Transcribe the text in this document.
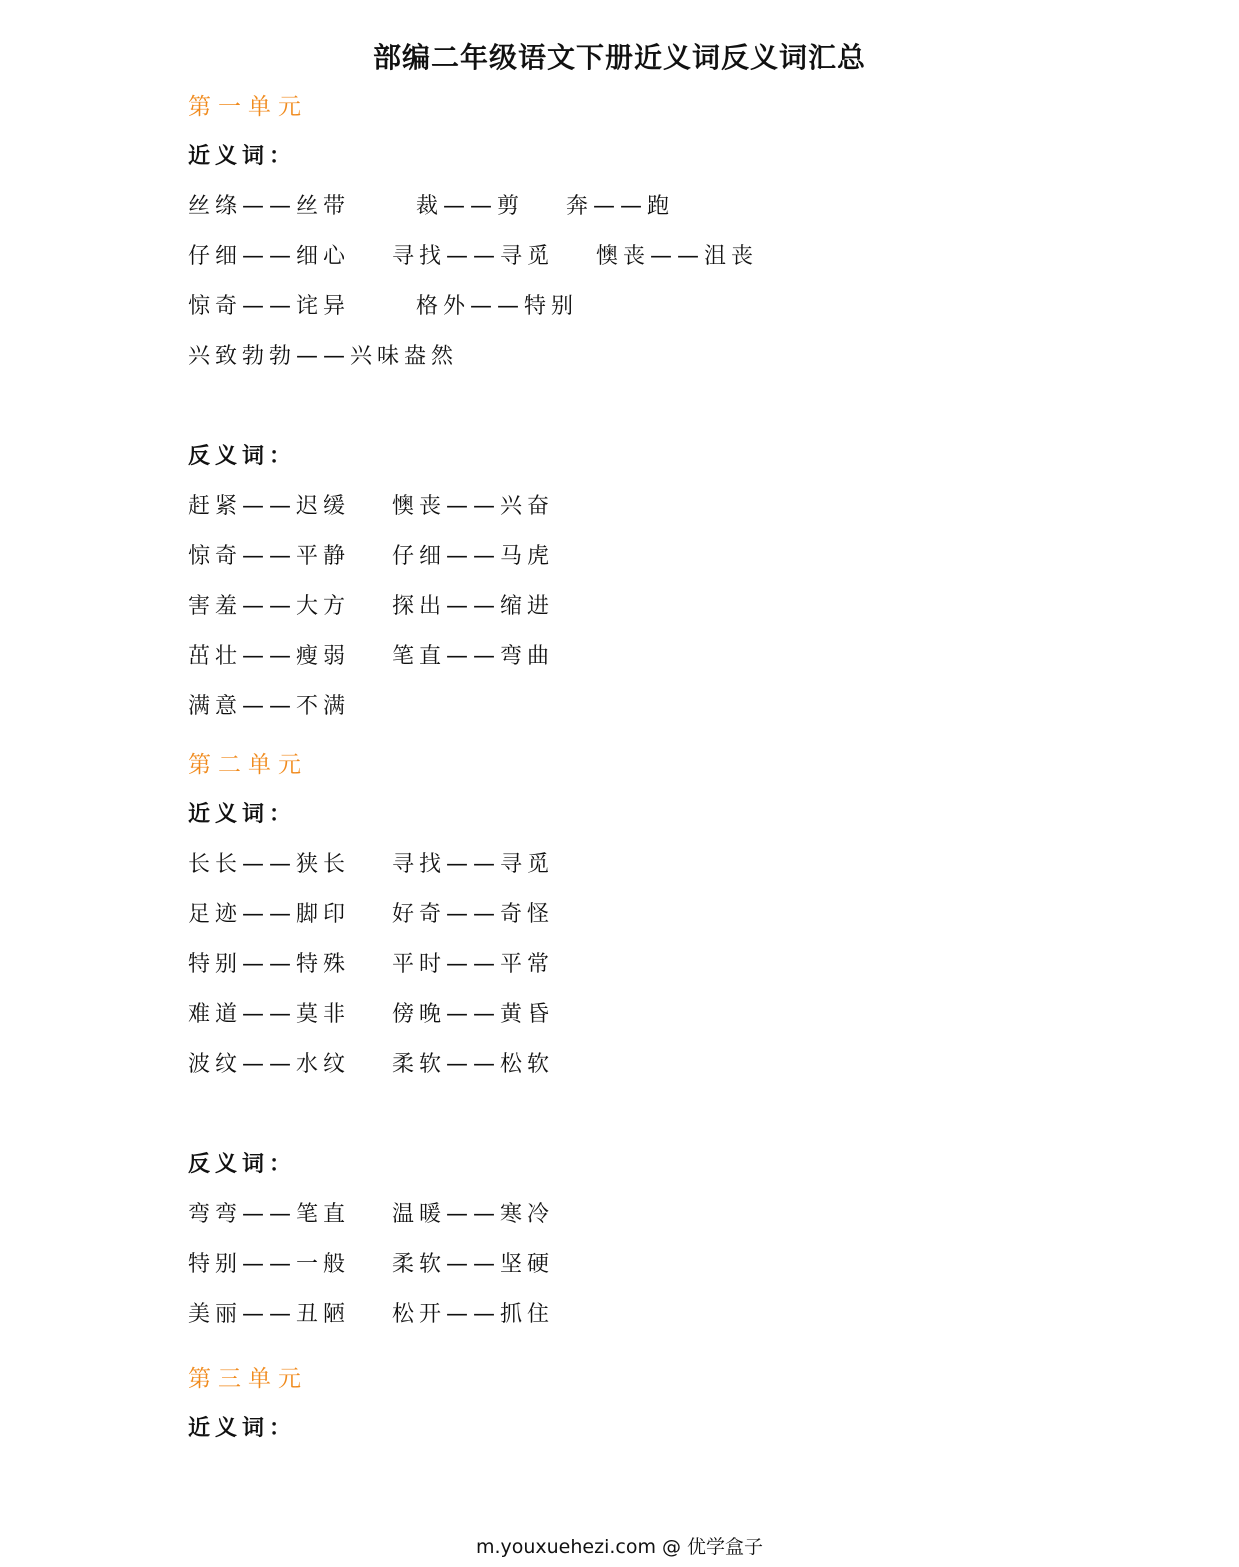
部编二年级语文下册近义词反义词汇总
第一单元
近义词：
丝绦——丝带	裁——剪	奔——跑
仔细——细心	寻找——寻觅	懊丧——沮丧
惊奇——诧异	格外——特别
兴致勃勃——兴味盎然
反义词：
赶紧——迟缓	懊丧——兴奋
惊奇——平静	仔细——马虎
害羞——大方	探出——缩进
茁壮——瘦弱	笔直——弯曲
满意——不满
第二单元
近义词：
长长——狭长	寻找——寻觅
足迹——脚印	好奇——奇怪
特别——特殊	平时——平常
难道——莫非	傍晚——黄昏
波纹——水纹	柔软——松软
反义词：
弯弯——笔直	温暖——寒冷
特别——一般	柔软——坚硬
美丽——丑陋	松开——抓住
第三单元
近义词：
m.youxuehezi.com @ 优学盒子
